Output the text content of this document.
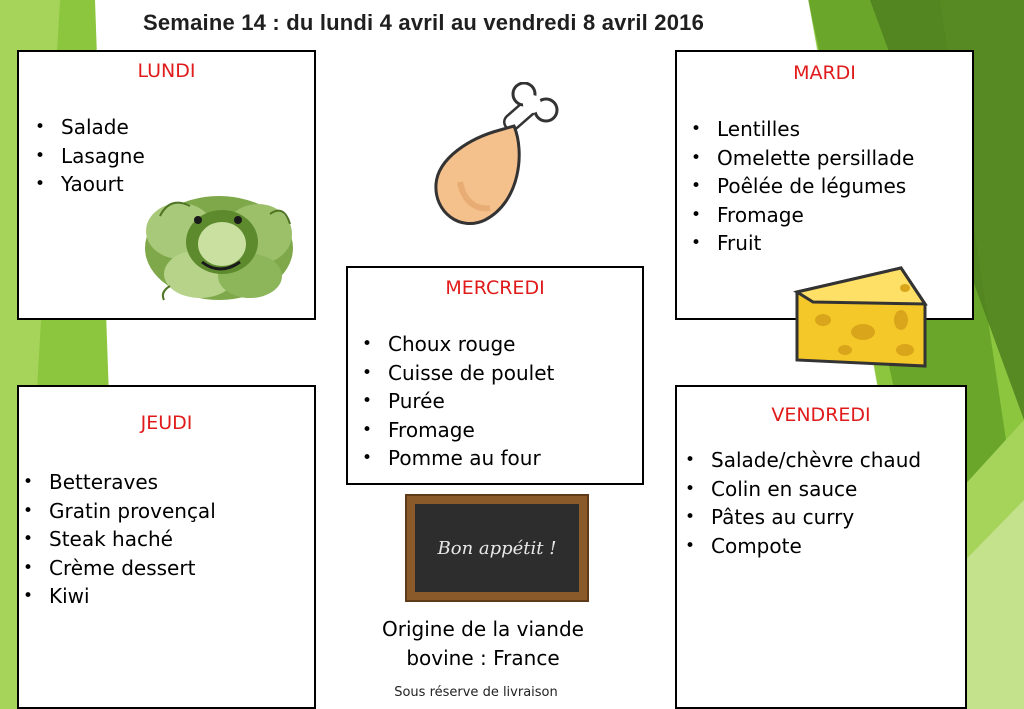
Semaine 14 : du lundi 4 avril au vendredi 8 avril 2016
LUNDI
• Salade
• Lasagne
• Yaourt
MARDI
• Lentilles
• Omelette persillade
• Poêlée de légumes
• Fromage
• Fruit
MERCREDI
• Choux rouge
• Cuisse de poulet
• Purée
• Fromage
• Pomme au four
JEUDI
• Betteraves
• Gratin provençal
• Steak haché
• Crème dessert
• Kiwi
VENDREDI
• Salade/chèvre chaud
• Colin en sauce
• Pâtes au curry
• Compote
Bon appétit !
Origine de la viande
bovine : France
Sous réserve de livraison
